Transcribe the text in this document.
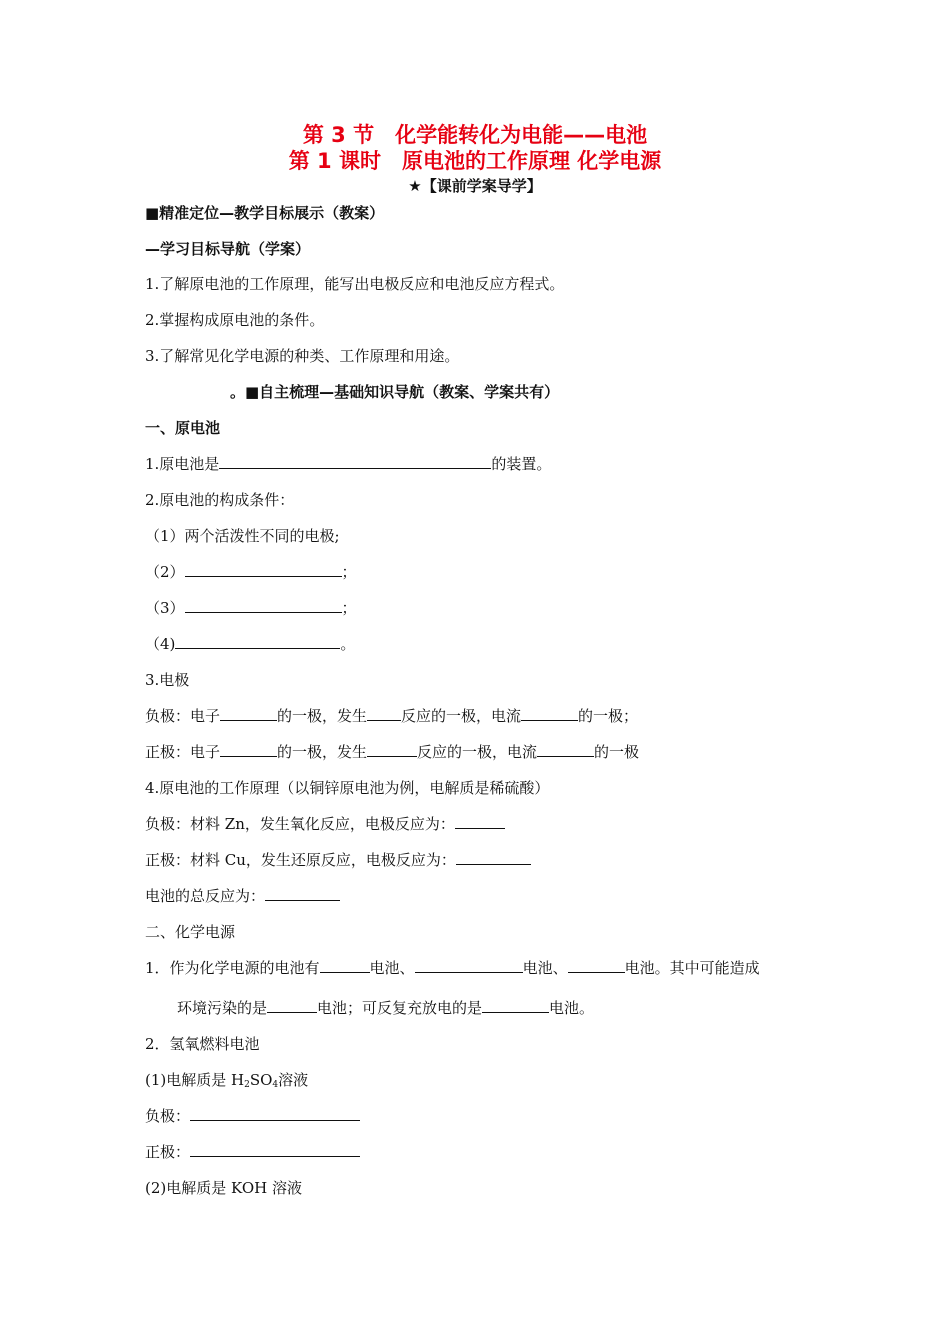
第 3 节　化学能转化为电能——电池
第 1 课时　原电池的工作原理 化学电源
★【课前学案导学】
■精准定位—教学目标展示（教案）
—学习目标导航（学案）
1.了解原电池的工作原理，能写出电极反应和电池反应方程式。
2.掌握构成原电池的条件。
3.了解常见化学电源的种类、工作原理和用途。
。■自主梳理—基础知识导航（教案、学案共有）
一、原电池
1.原电池是	的装置。
2.原电池的构成条件：
（1）两个活泼性不同的电极;
（2）	；
（3）	；
（4)	。
3.电极
负极：电子	的一极，发生 反应的一极，电流	的一极；
正极：电子	的一极，发生	反应的一极，电流	的一极
4.原电池的工作原理（以铜锌原电池为例，电解质是稀硫酸）
负极：材料 Zn，发生氧化反应，电极反应为：
正极：材料 Cu，发生还原反应，电极反应为：
电池的总反应为：
二、化学电源
1．作为化学电源的电池有	电池、	电池、	电池。其中可能造成
环境污染的是	电池；可反复充放电的是	电池。
2．氢氧燃料电池
(1)电解质是 $H_2SO_4$溶液
负极：
正极：
(2)电解质是 KOH 溶液
